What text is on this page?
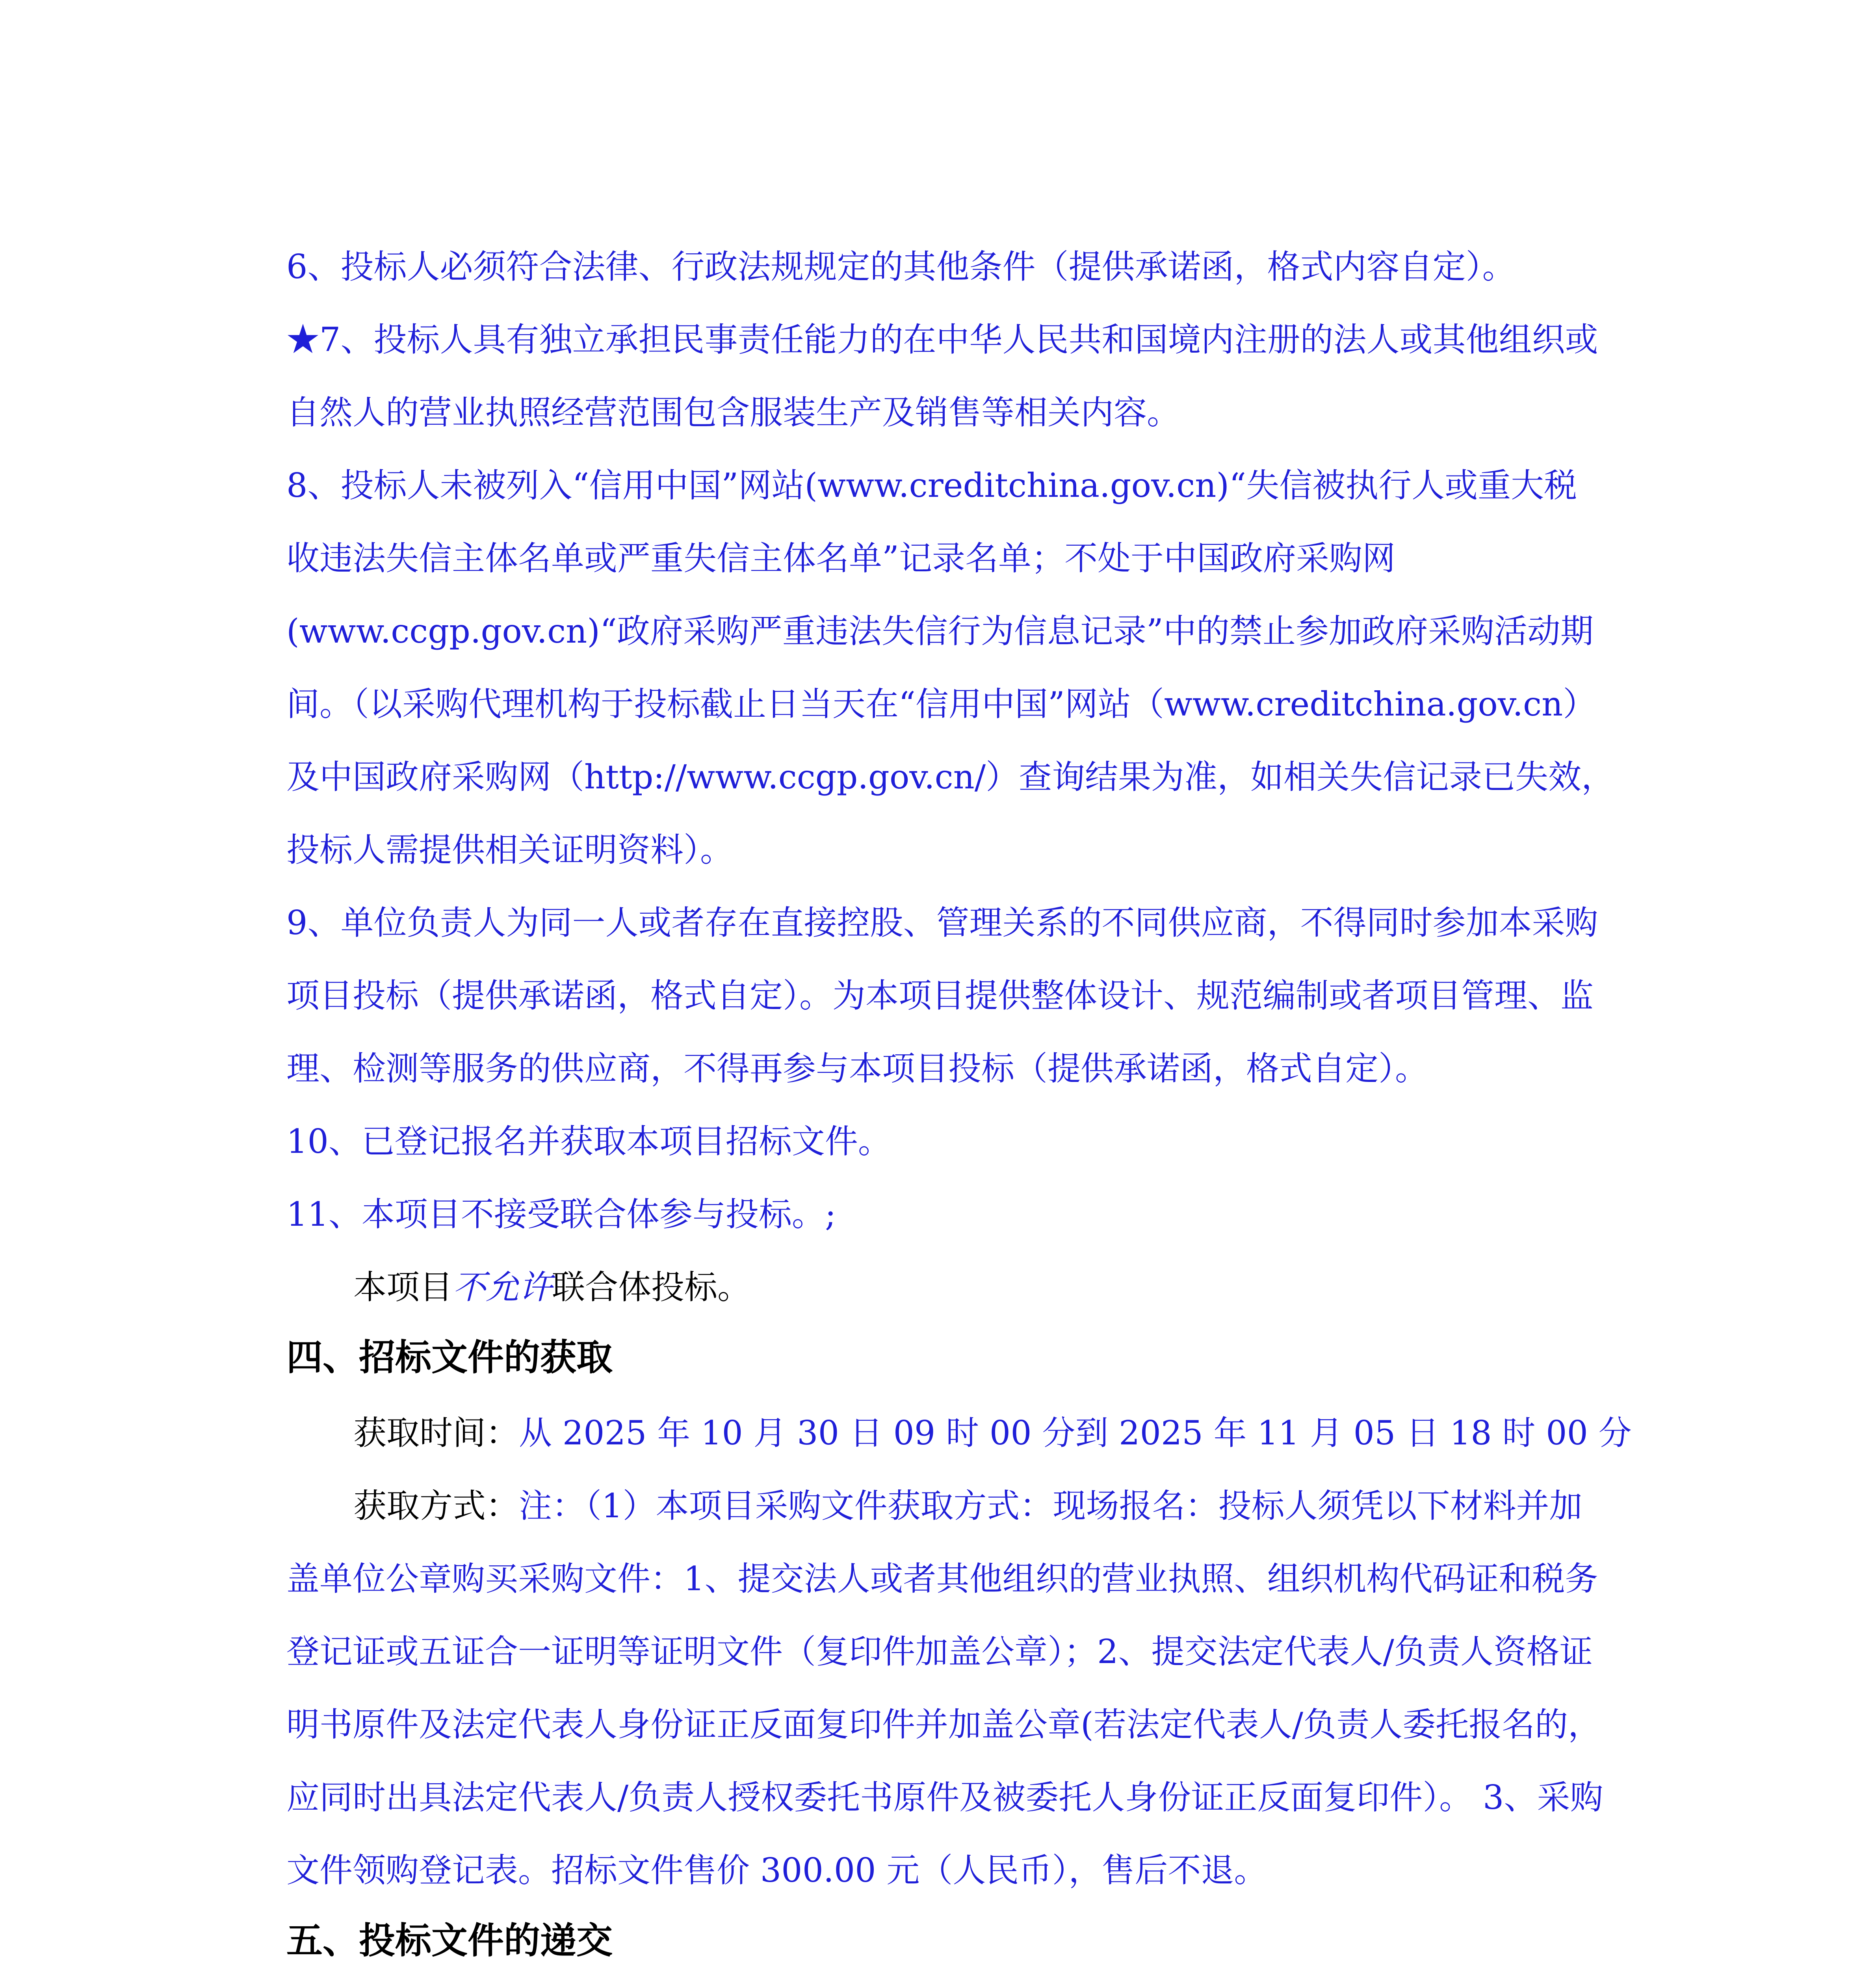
6、投标人必须符合法律、行政法规规定的其他条件（提供承诺函，格式内容自定）。
★7、投标人具有独立承担民事责任能力的在中华人民共和国境内注册的法人或其他组织或
自然人的营业执照经营范围包含服装生产及销售等相关内容。
8、投标人未被列入“信用中国”网站(www.creditchina.gov.cn)“失信被执行人或重大税
收违法失信主体名单或严重失信主体名单”记录名单；不处于中国政府采购网
(www.ccgp.gov.cn)“政府采购严重违法失信行为信息记录”中的禁止参加政府采购活动期
间。（以采购代理机构于投标截止日当天在“信用中国”网站（www.creditchina.gov.cn）
及中国政府采购网（http://www.ccgp.gov.cn/）查询结果为准，如相关失信记录已失效，
投标人需提供相关证明资料）。
9、单位负责人为同一人或者存在直接控股、管理关系的不同供应商，不得同时参加本采购
项目投标（提供承诺函，格式自定）。为本项目提供整体设计、规范编制或者项目管理、监
理、检测等服务的供应商，不得再参与本项目投标（提供承诺函，格式自定）。
10、已登记报名并获取本项目招标文件。
11、本项目不接受联合体参与投标。;
本项目不允许联合体投标。
四、招标文件的获取
获取时间：从 2025 年 10 月 30 日 09 时 00 分到 2025 年 11 月 05 日 18 时 00 分
获取方式：注：（1）本项目采购文件获取方式：现场报名：投标人须凭以下材料并加
盖单位公章购买采购文件：1、提交法人或者其他组织的营业执照、组织机构代码证和税务
登记证或五证合一证明等证明文件（复印件加盖公章）；2、提交法定代表人/负责人资格证
明书原件及法定代表人身份证正反面复印件并加盖公章(若法定代表人/负责人委托报名的，
应同时出具法定代表人/负责人授权委托书原件及被委托人身份证正反面复印件）。 3、采购
文件领购登记表。招标文件售价 300.00 元（人民币），售后不退。
五、投标文件的递交
